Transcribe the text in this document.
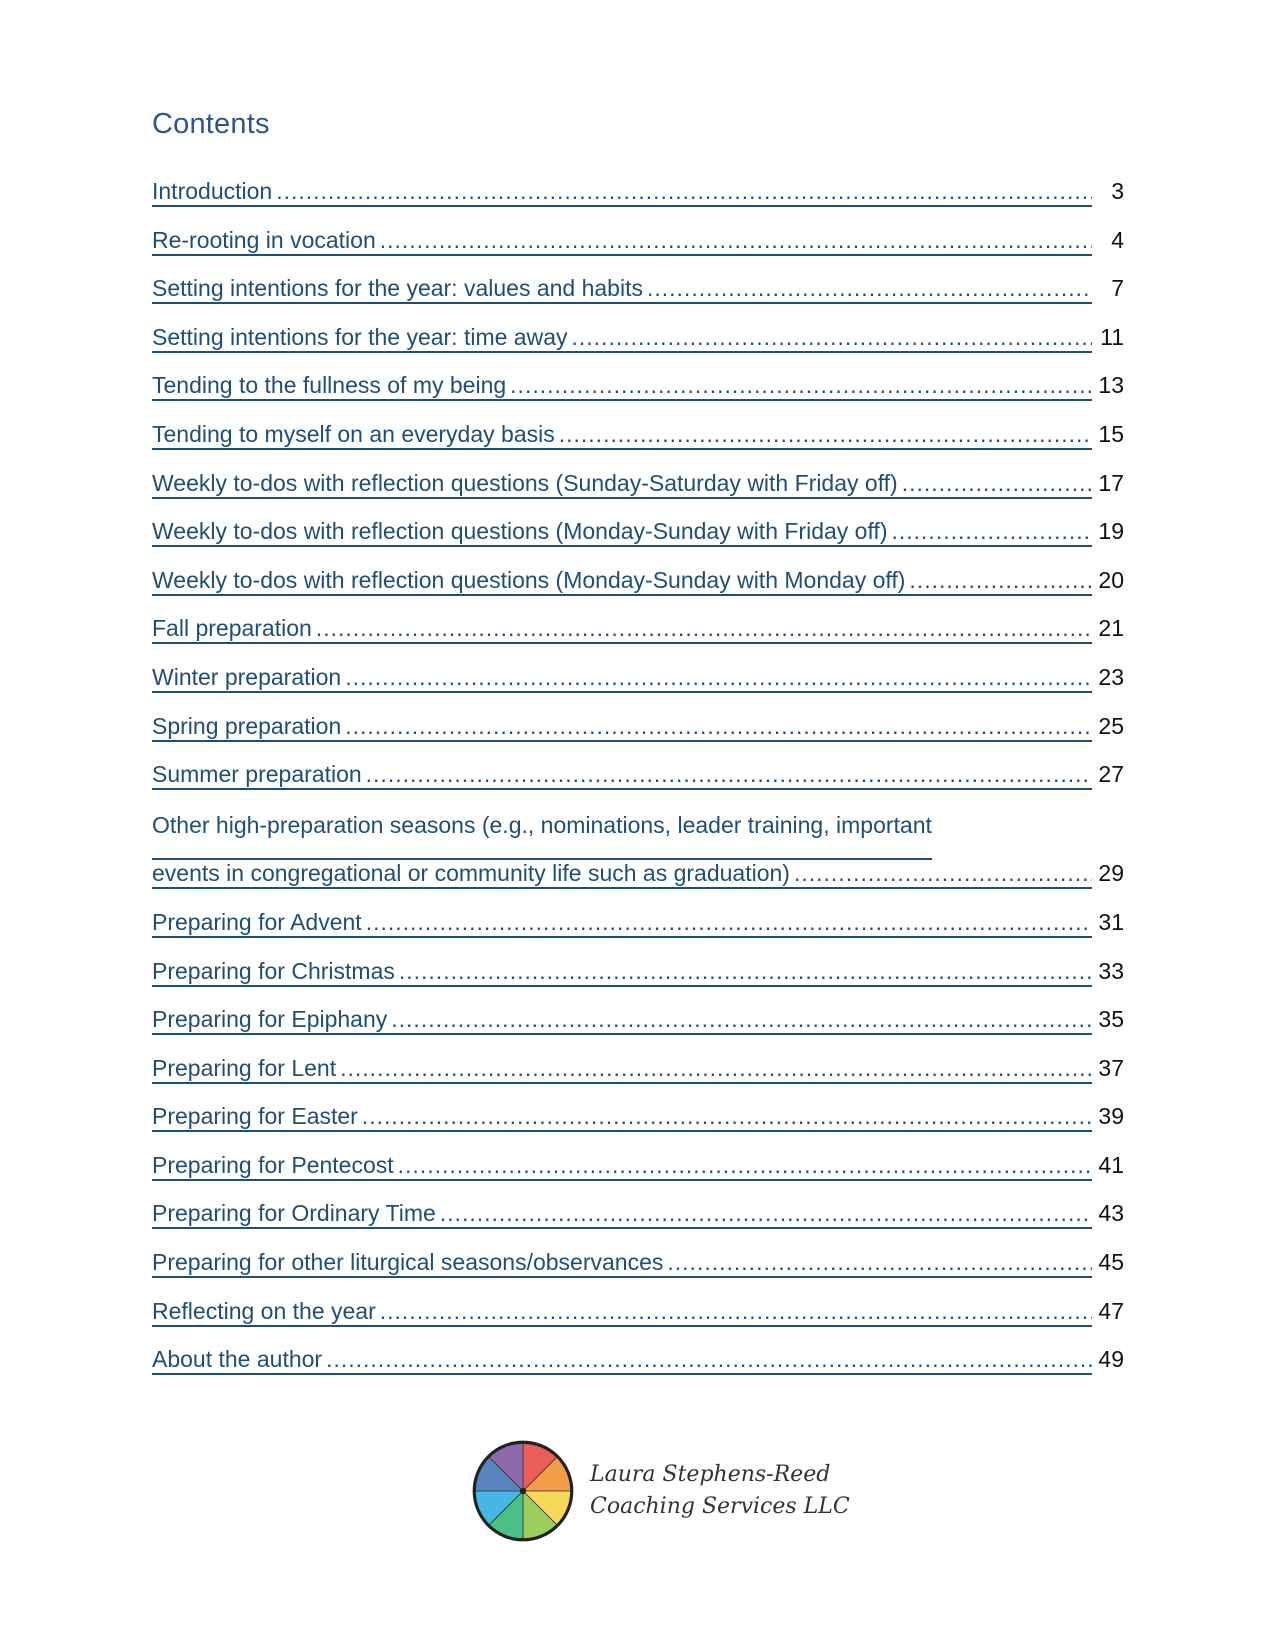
Contents
Introduction .....	3
Re-rooting in vocation .....	4
Setting intentions for the year: values and habits .....	7
Setting intentions for the year: time away .....	11
Tending to the fullness of my being .....	13
Tending to myself on an everyday basis .....	15
Weekly to-dos with reflection questions (Sunday-Saturday with Friday off) .....	17
Weekly to-dos with reflection questions (Monday-Sunday with Friday off) .....	19
Weekly to-dos with reflection questions (Monday-Sunday with Monday off) .....	20
Fall preparation .....	21
Winter preparation .....	23
Spring preparation .....	25
Summer preparation .....	27
Other high-preparation seasons (e.g., nominations, leader training, important
events in congregational or community life such as graduation) .....	29
Preparing for Advent .....	31
Preparing for Christmas .....	33
Preparing for Epiphany .....	35
Preparing for Lent .....	37
Preparing for Easter .....	39
Preparing for Pentecost .....	41
Preparing for Ordinary Time .....	43
Preparing for other liturgical seasons/observances .....	45
Reflecting on the year .....	47
About the author .....	49
Laura Stephens-Reed
Coaching Services LLC
